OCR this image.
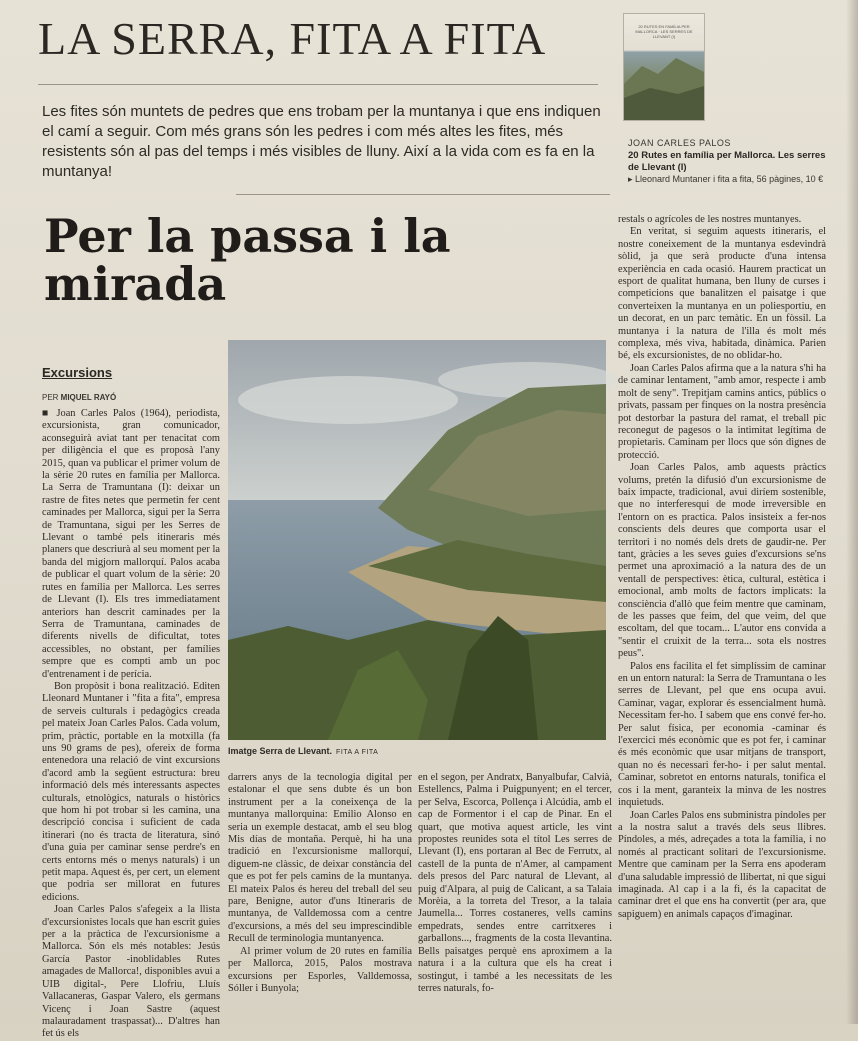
LA SERRA, FITA A FITA
Les fites són muntets de pedres que ens trobam per la muntanya i que ens indiquen el camí a seguir. Com més grans són les pedres i com més altes les fites, més resistents són al pas del temps i més visibles de lluny. Així a la vida com es fa en la muntanya!
Per la passa i la mirada
20 RUTES EN FAMÍLIA PER MALLORCA · LES SERRES DE LLEVANT (I)
JOAN CARLES PALOS
20 Rutes en família per Mallorca. Les serres de Llevant (I)
▸ Lleonard Muntaner i fita a fita, 56 pàgines, 10 €
Excursions
PER MIQUEL RAYÓ
Imatge Serra de Llevant. FITA A FITA

■ Joan Carles Palos (1964), periodista, excursionista, gran comunicador, aconseguirà aviat tant per tenacitat com per diligència el que es proposà l'any 2015, quan va publicar el primer volum de la sèrie 20 rutes en família per Mallorca. La Serra de Tramuntana (I): deixar un rastre de fites netes que permetin fer cent caminades per Mallorca, sigui per la Serra de Tramuntana, sigui per les Serres de Llevant o també pels itineraris més planers que descriurà al seu moment per la banda del migjorn mallorquí. Palos acaba de publicar el quart volum de la sèrie: 20 rutes en família per Mallorca. Les serres de Llevant (I). Els tres immediatament anteriors han descrit caminades per la Serra de Tramuntana, caminades de diferents nivells de dificultat, totes accessibles, no obstant, per famílies sempre que es compti amb un poc d'entrenament i de perícia.

Bon propòsit i bona realització. Editen Lleonard Muntaner i "fita a fita", empresa de serveis culturals i pedagògics creada pel mateix Joan Carles Palos. Cada volum, prim, pràctic, portable en la motxilla (fa uns 90 grams de pes), ofereix de forma entenedora una relació de vint excursions d'acord amb la següent estructura: breu informació dels més interessants aspectes culturals, etnològics, naturals o històrics que hom hi pot trobar si les camina, una descripció concisa i suficient de cada itinerari (no és tracta de literatura, sinó d'una guia per caminar sense perdre's en certs entorns més o menys naturals) i un petit mapa. Aquest és, per cert, un element que podria ser millorat en futures edicions.

Joan Carles Palos s'afegeix a la llista d'excursionistes locals que han escrit guies per a la pràctica de l'excursionisme a Mallorca. Són els més notables: Jesús García Pastor -inoblidables Rutes amagades de Mallorca!, disponibles avui a UIB digital-, Pere Llofriu, Lluís Vallacaneras, Gaspar Valero, els germans Vicenç i Joan Sastre (aquest malauradament traspassat)... D'altres han fet ús els

darrers anys de la tecnologia digital per estalonar el que sens dubte és un bon instrument per a la coneixença de la muntanya mallorquina: Emilio Alonso en seria un exemple destacat, amb el seu blog Mis días de montaña. Perquè, hi ha una tradició en l'excursionisme mallorquí, diguem-ne clàssic, de deixar constància del que es pot fer pels camins de la muntanya. El mateix Palos és hereu del treball del seu pare, Benigne, autor d'uns Itineraris de muntanya, de Valldemossa com a centre d'excursions, a més del seu imprescindible Recull de terminologia muntanyenca.

Al primer volum de 20 rutes en família per Mallorca, 2015, Palos mostrava excursions per Esporles, Valldemossa, Sóller i Bunyola;

en el segon, per Andratx, Banyalbufar, Calvià, Estellencs, Palma i Puigpunyent; en el tercer, per Selva, Escorca, Pollença i Alcúdia, amb el cap de Formentor i el cap de Pinar. En el quart, que motiva aquest article, les vint propostes reunides sota el títol Les serres de Llevant (I), ens portaran al Bec de Ferrutx, al castell de la punta de n'Amer, al campament dels presos del Parc natural de Llevant, al puig d'Alpara, al puig de Calicant, a sa Talaia Morèia, a la torreta del Tresor, a la talaia Jaumella... Torres costaneres, vells camins empedrats, sendes entre carritxeres i garballons..., fragments de la costa llevantina. Bells paisatges perquè ens aproximem a la natura i a la cultura que els ha creat i sostingut, i també a les necessitats de les terres naturals, fo-

restals o agrícoles de les nostres muntanyes.

En veritat, si seguim aquests itineraris, el nostre coneixement de la muntanya esdevindrà sòlid, ja que serà producte d'una intensa experiència en cada ocasió. Haurem practicat un esport de qualitat humana, ben lluny de curses i competicions que banalitzen el paisatge i que converteixen la muntanya en un poliesportiu, en un decorat, en un parc temàtic. En un fòssil. La muntanya i la natura de l'illa és molt més complexa, més viva, habitada, dinàmica. Parien bé, els excursionistes, de no oblidar-ho.

Joan Carles Palos afirma que a la natura s'hi ha de caminar lentament, "amb amor, respecte i amb molt de seny". Trepitjam camins antics, públics o privats, passam per finques on la nostra presència pot destorbar la pastura del ramat, el treball pic reconegut de pagesos o la intimitat legítima de propietaris. Caminam per llocs que són dignes de protecció.

Joan Carles Palos, amb aquests pràctics volums, pretén la difusió d'un excursionisme de baix impacte, tradicional, avui diríem sostenible, que no interferesqui de mode irreversible en l'entorn on es practica. Palos insisteix a fer-nos conscients dels deures que comporta usar el territori i no només dels drets de gaudir-ne. Per tant, gràcies a les seves guies d'excursions se'ns permet una aproximació a la natura des de un ventall de perspectives: ètica, cultural, estètica i emocional, amb molts de factors implicats: la consciència d'allò que feim mentre que caminam, de les passes que feim, del que veim, del que escoltam, del que tocam... L'autor ens convida a "sentir el cruixit de la terra... sota els nostres peus".

Palos ens facilita el fet simplíssim de caminar en un entorn natural: la Serra de Tramuntana o les serres de Llevant, pel que ens ocupa avui. Caminar, vagar, explorar és essencialment humà. Necessitam fer-ho. I sabem que ens convé fer-ho. Per salut física, per economia -caminar és l'exercici més econòmic que es pot fer, i caminar és més econòmic que usar mitjans de transport, quan no és necessari fer-ho- i per salut mental. Caminar, sobretot en entorns naturals, tonifica el cos i la ment, garanteix la minva de les nostres inquietuds.

Joan Carles Palos ens subministra píndoles per a la nostra salut a través dels seus llibres. Píndoles, a més, adreçades a tota la família, i no només al practicant solitari de l'excursionisme. Mentre que caminam per la Serra ens apoderam d'una saludable impressió de llibertat, ni que sigui imaginada. Al cap i a la fi, és la capacitat de caminar dret el que ens ha convertit (per ara, que sapiguem) en animals capaços d'imaginar.
